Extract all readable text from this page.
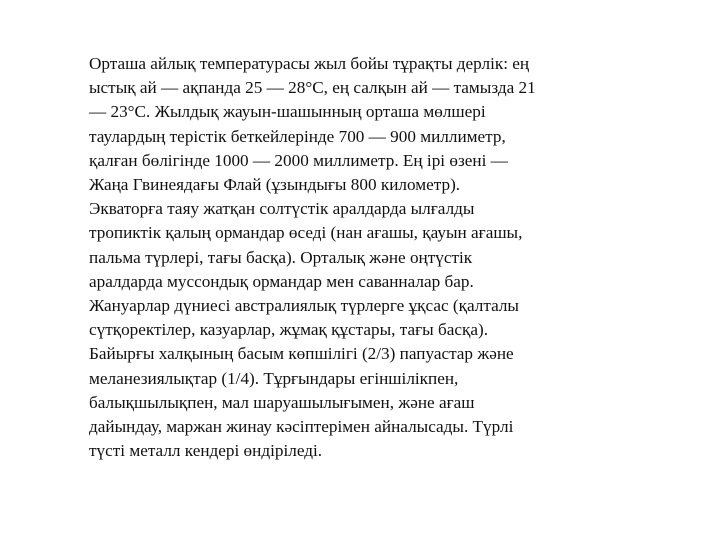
Орташа айлық температурасы жыл бойы тұрақты дерлік: ең
ыстық ай — ақпанда 25 — 28°С, ең салқын ай — тамызда 21
— 23°С. Жылдық жауын-шашынның орташа мөлшері
таулардың терістік беткейлерінде 700 — 900 миллиметр,
қалған бөлігінде 1000 — 2000 миллиметр. Ең ірі өзені —
Жаңа Гвинеядағы Флай (ұзындығы 800 километр).
Экваторға таяу жатқан солтүстік аралдарда ылғалды
тропиктік қалың ормандар өседі (нан ағашы, қауын ағашы,
пальма түрлері, тағы басқа). Орталық және оңтүстік
аралдарда муссондық ормандар мен саванналар бар.
Жануарлар дүниесі австралиялық түрлерге ұқсас (қалталы
сүтқоректілер, казуарлар, жұмақ құстары, тағы басқа).
Байырғы халқының басым көпшілігі (2/3) папуастар және
меланезиялықтар (1/4). Тұрғындары егіншілікпен,
балықшылықпен, мал шаруашылығымен, және ағаш
дайындау, маржан жинау кәсіптерімен айналысады. Түрлі
түсті металл кендері өндіріледі.
